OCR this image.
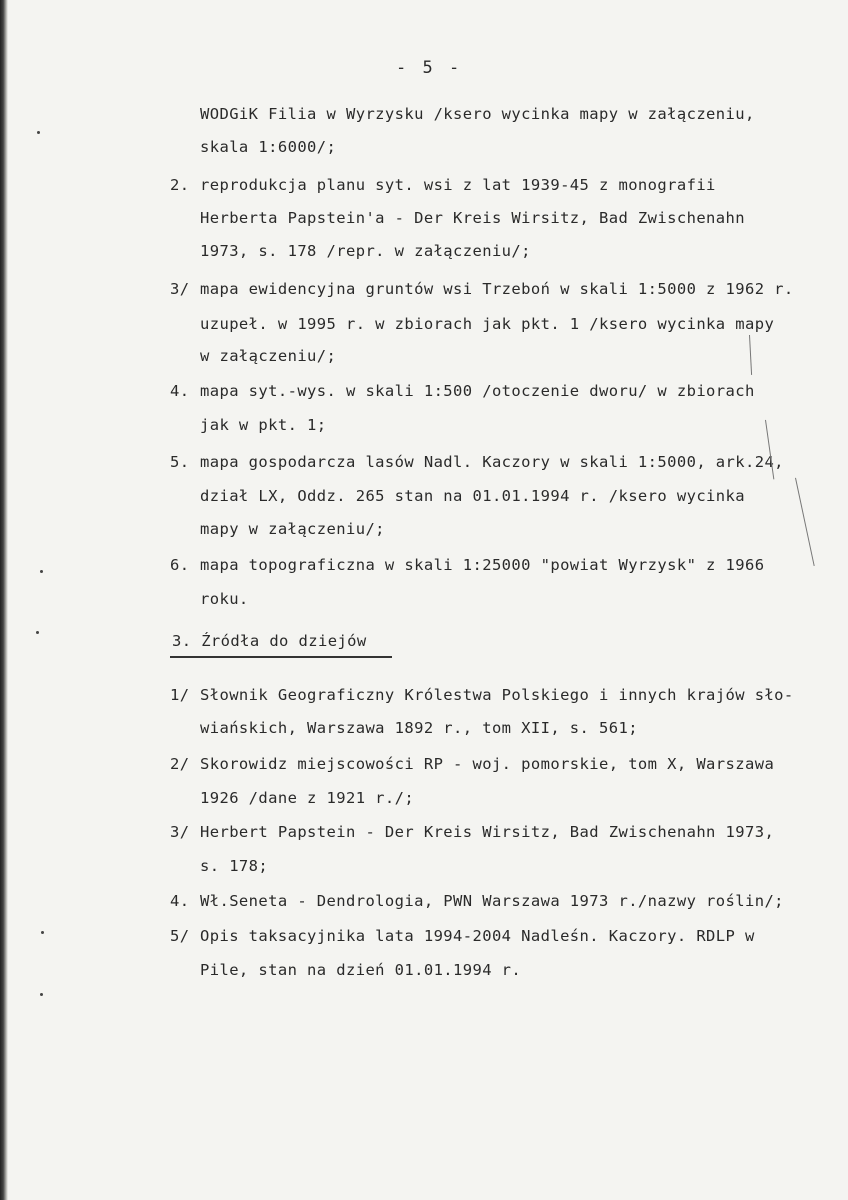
- 5 -
WODGiK Filia w Wyrzysku /ksero wycinka mapy w załączeniu,
skala 1:6000/;
2. reprodukcja planu syt. wsi z lat 1939-45 z monografii
Herberta Papstein'a - Der Kreis Wirsitz, Bad Zwischenahn
1973, s. 178 /repr. w załączeniu/;
3/ mapa ewidencyjna gruntów wsi Trzeboń w skali 1:5000 z 1962 r.
uzupeł. w 1995 r. w zbiorach jak pkt. 1 /ksero wycinka mapy
w załączeniu/;
4. mapa syt.-wys. w skali 1:500 /otoczenie dworu/ w zbiorach
jak w pkt. 1;
5. mapa gospodarcza lasów Nadl. Kaczory w skali 1:5000, ark.24,
dział LX, Oddz. 265 stan na 01.01.1994 r. /ksero wycinka
mapy w załączeniu/;
6. mapa topograficzna w skali 1:25000 "powiat Wyrzysk" z 1966
roku.
3. Źródła do dziejów
1/ Słownik Geograficzny Królestwa Polskiego i innych krajów sło-
wiańskich, Warszawa 1892 r., tom XII, s. 561;
2/ Skorowidz miejscowości RP - woj. pomorskie, tom X, Warszawa
1926 /dane z 1921 r./;
3/ Herbert Papstein - Der Kreis Wirsitz, Bad Zwischenahn 1973,
s. 178;
4. Wł.Seneta - Dendrologia, PWN Warszawa 1973 r./nazwy roślin/;
5/ Opis taksacyjnika lata 1994-2004 Nadleśn. Kaczory. RDLP w
Pile, stan na dzień 01.01.1994 r.
